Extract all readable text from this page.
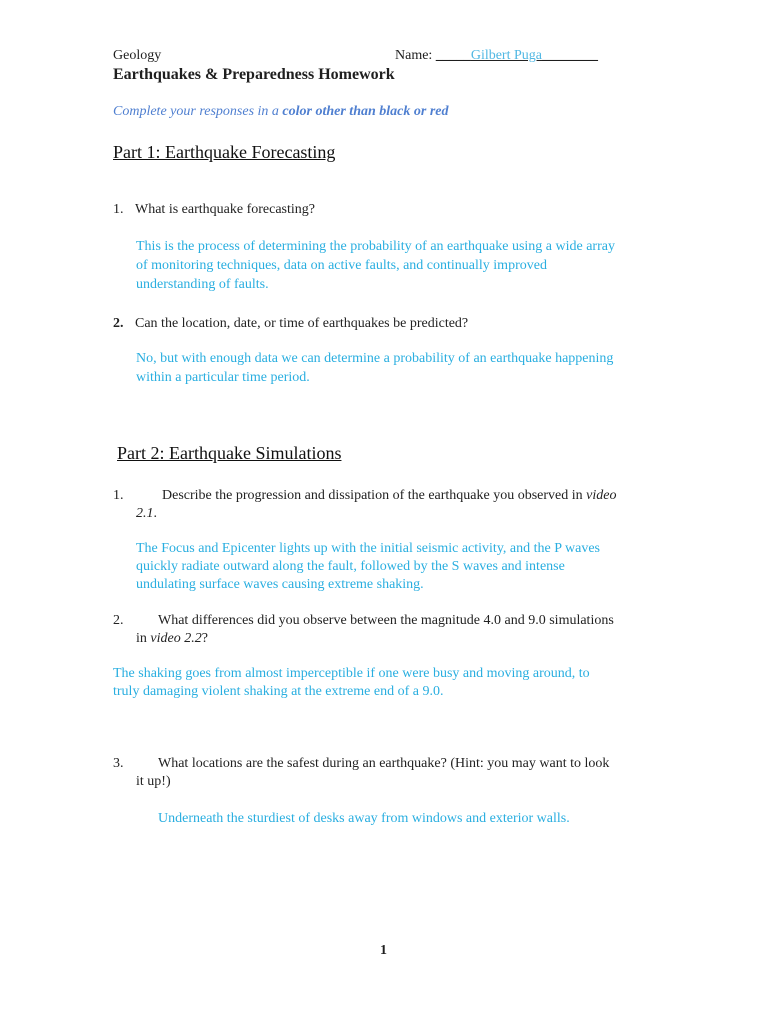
Geology	Name: _____Gilbert Puga________
Earthquakes & Preparedness Homework
Complete your responses in a color other than black or red
Part 1: Earthquake Forecasting
1. What is earthquake forecasting?
This is the process of determining the probability of an earthquake using a wide array
of monitoring techniques, data on active faults, and continually improved
understanding of faults.
2. Can the location, date, or time of earthquakes be predicted?
No, but with enough data we can determine a probability of an earthquake happening
within a particular time period.
Part 2: Earthquake Simulations
1.	Describe the progression and dissipation of the earthquake you observed in video
2.1.
The Focus and Epicenter lights up with the initial seismic activity, and the P waves
quickly radiate outward along the fault, followed by the S waves and intense
undulating surface waves causing extreme shaking.
2. What differences did you observe between the magnitude 4.0 and 9.0 simulations
in video 2.2?
The shaking goes from almost imperceptible if one were busy and moving around, to
truly damaging violent shaking at the extreme end of a 9.0.
3. What locations are the safest during an earthquake? (Hint: you may want to look
it up!)
Underneath the sturdiest of desks away from windows and exterior walls.
1
